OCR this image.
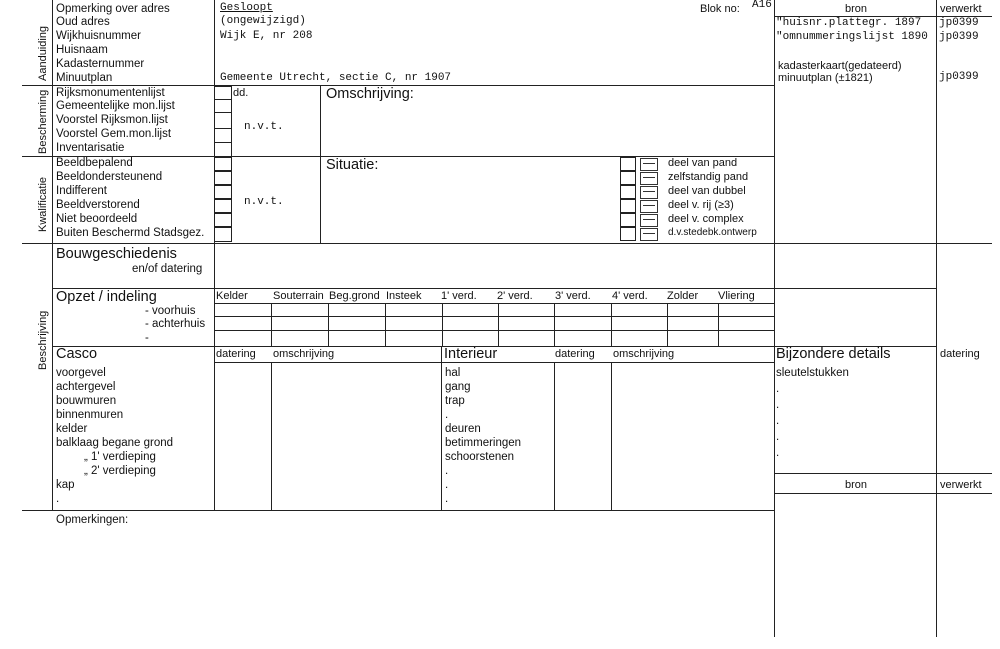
Aanduiding
Bescherming
Kwalificatie
Beschrijving
Opmerking over adres
Oud adres
Wijkhuisnummer
Huisnaam
Kadasternummer
Minuutplan
Gesloopt
(ongewijzigd)
Wijk E, nr 208
Gemeente Utrecht, sectie C, nr 1907
Blok no: A16	bron	verwerkt
"huisnr.plattegr. 1897 jp0399
"omnummeringslijst 1890 jp0399
kadasterkaart(gedateerd)
minuutplan (±1821)	jp0399
Rijksmonumentenlijst
Gemeentelijke mon.lijst
Voorstel Rijksmon.lijst
Voorstel Gem.mon.lijst
Inventarisatie
dd.
n.v.t.
Omschrijving:
Beeldbepalend
Beeldondersteunend
Indifferent
Beeldverstorend
Niet beoordeeld
Buiten Beschermd Stadsgez.
n.v.t.
Situatie:	deel van pand
zelfstandig pand
deel van dubbel
deel v. rij (≥3)
deel v. complex
d.v.stedebk.ontwerp
Bouwgeschiedenis
en/of datering
Opzet / indeling
- voorhuis
- achterhuis
-
Kelder Souterrain Beg.grond Insteek 1' verd. 2' verd. 3' verd. 4' verd. Zolder Vliering
Casco	datering omschrijving
voorgevel
achtergevel
bouwmuren
binnenmuren
kelder
balklaag begane grond
„ 1' verdieping
„ 2' verdieping
kap
.
Interieur	datering omschrijving
hal
gang
trap
.
deuren
betimmeringen
schoorstenen
.
.
.
Bijzondere details	datering
sleutelstukken
.
.
.
.
.
bron	verwerkt
Opmerkingen:
